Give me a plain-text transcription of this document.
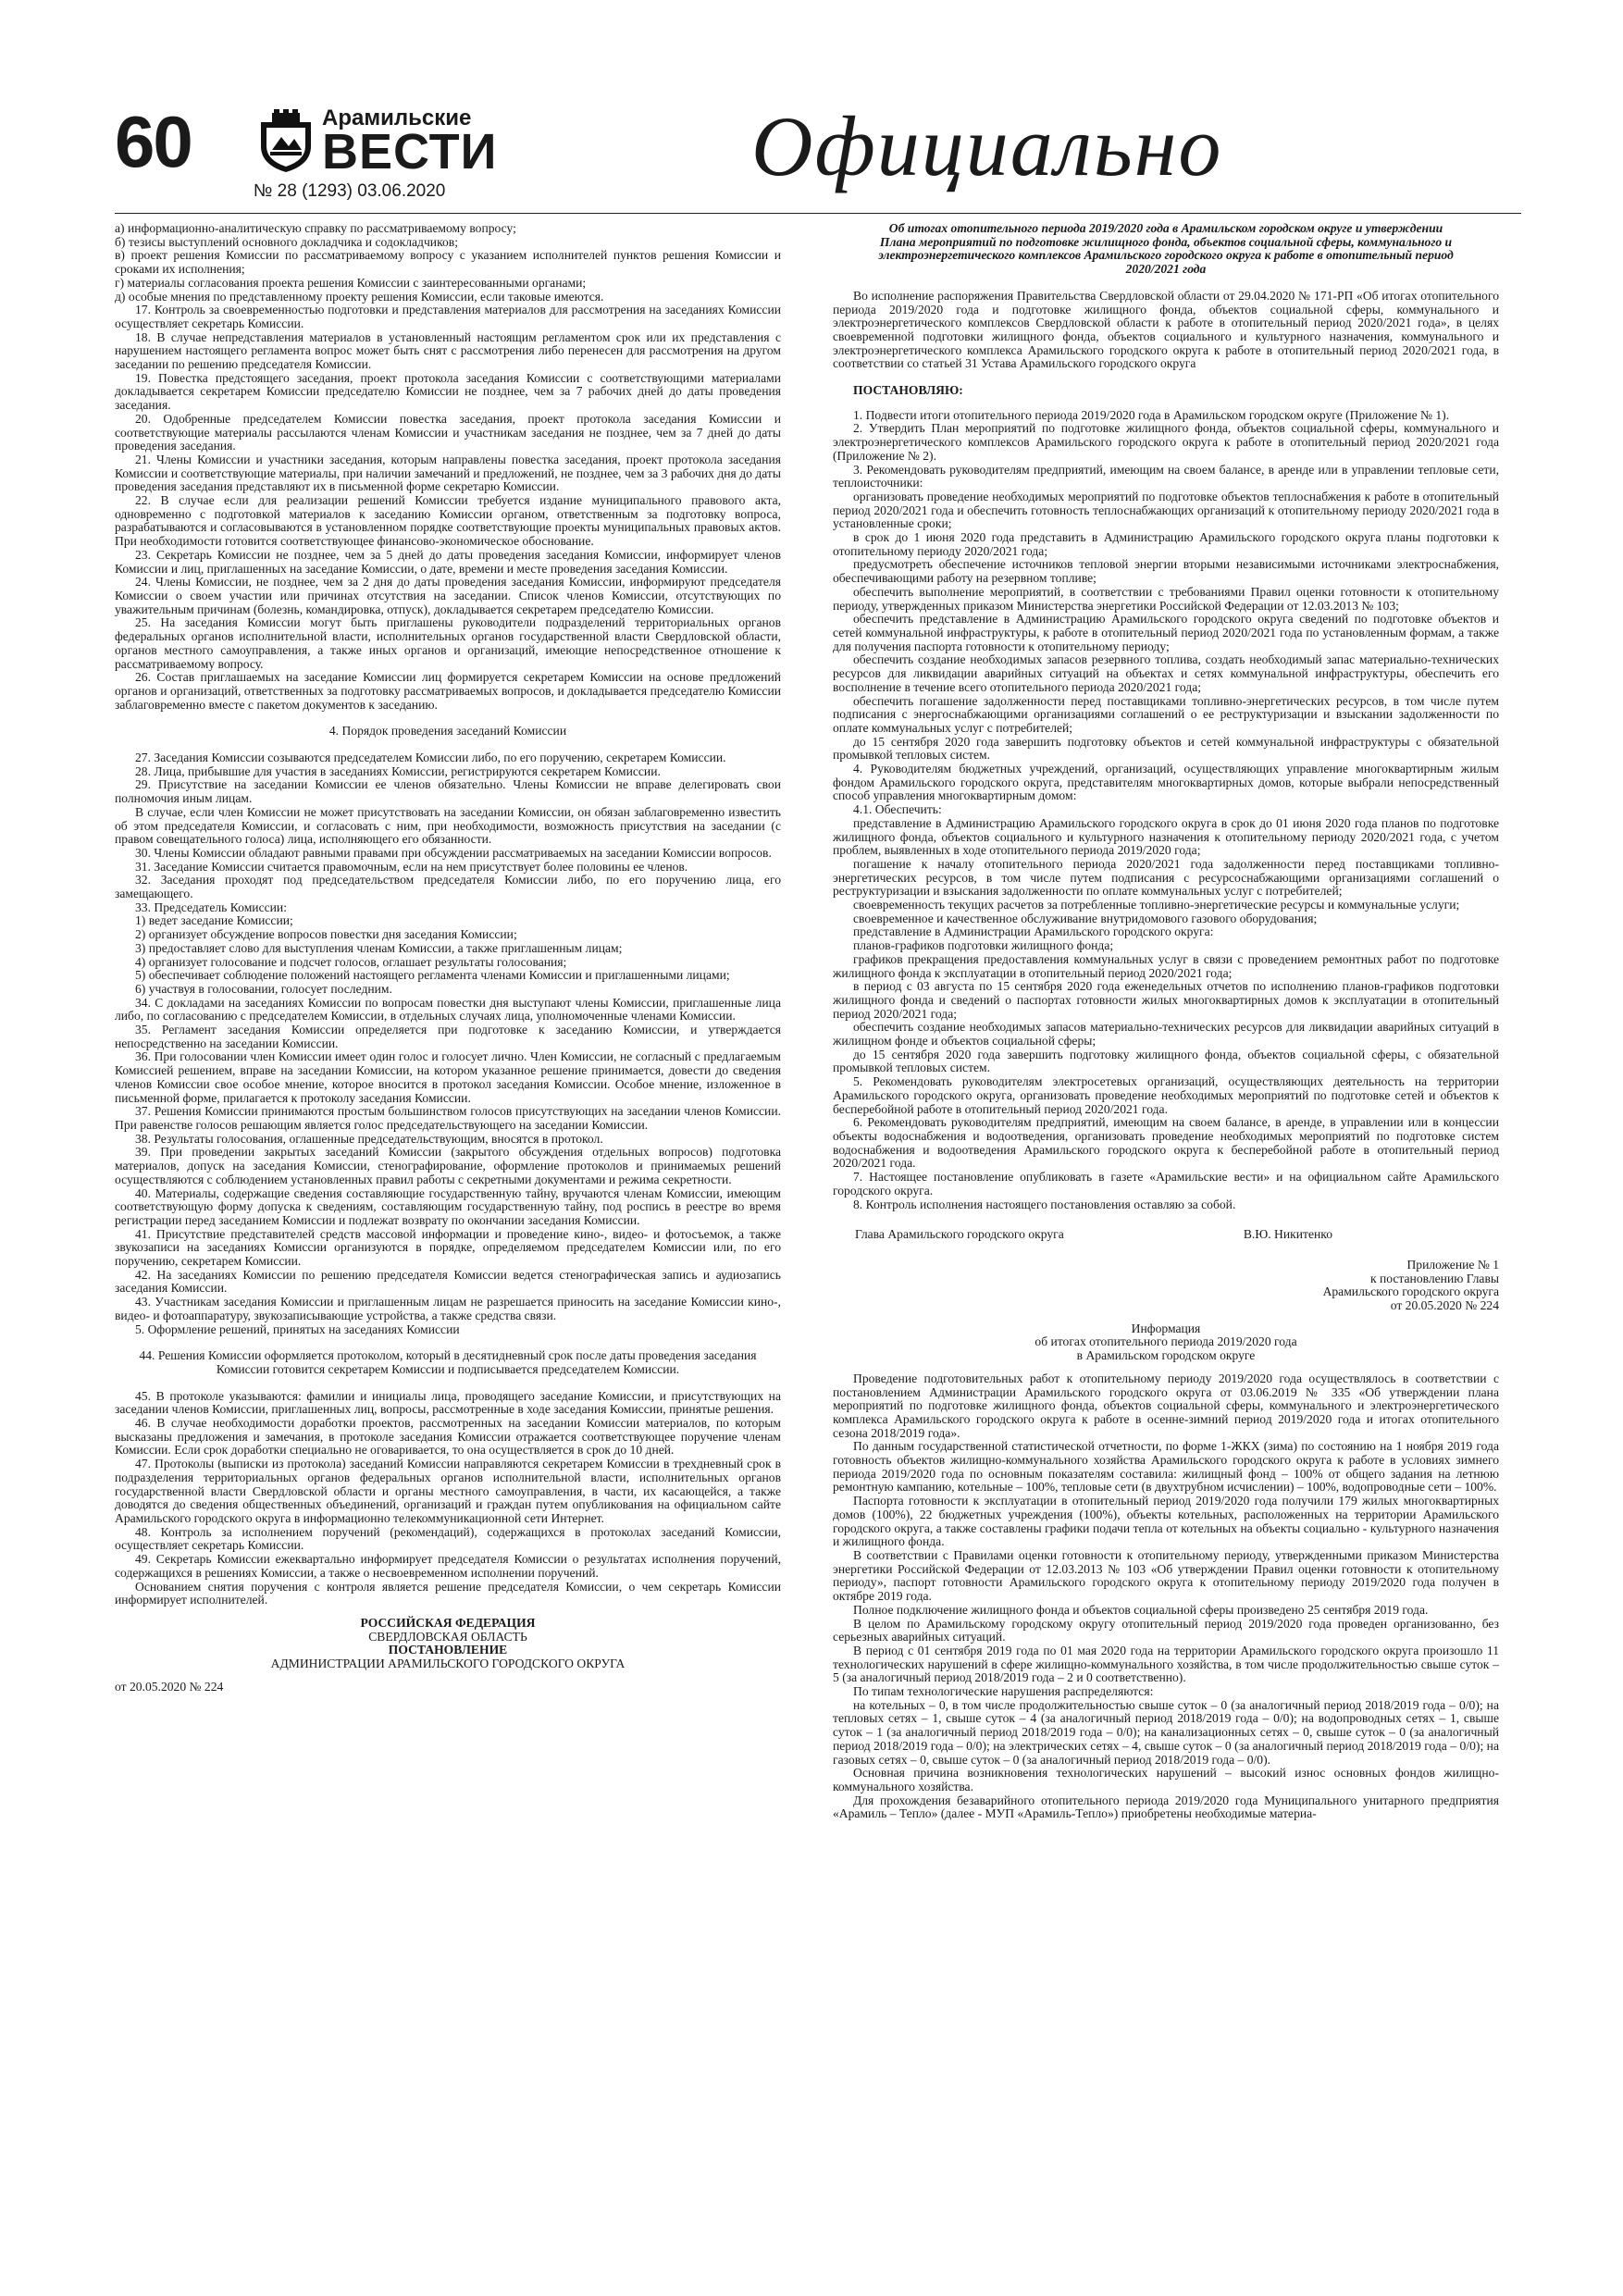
60	Арамильские
ВЕСТИ
№ 28 (1293) 03.06.2020	Официально

а) информационно-аналитическую справку по рассматриваемому вопросу;

б) тезисы выступлений основного докладчика и содокладчиков;

в) проект решения Комиссии по рассматриваемому вопросу с указанием исполнителей пунктов решения Комиссии и сроками их исполнения;

г) материалы согласования проекта решения Комиссии с заинтересованными органами;

д) особые мнения по представленному проекту решения Комиссии, если таковые имеются.

17. Контроль за своевременностью подготовки и представления материалов для рассмотрения на заседаниях Комиссии осуществляет секретарь Комиссии.

18. В случае непредставления материалов в установленный настоящим регламентом срок или их представления с нарушением настоящего регламента вопрос может быть снят с рассмотрения либо перенесен для рассмотрения на другом заседании по решению председателя Комиссии.

19. Повестка предстоящего заседания, проект протокола заседания Комиссии с соответствующими материалами докладывается секретарем Комиссии председателю Комиссии не позднее, чем за 7 рабочих дней до даты проведения заседания.

20. Одобренные председателем Комиссии повестка заседания, проект протокола заседания Комиссии и соответствующие материалы рассылаются членам Комиссии и участникам заседания не позднее, чем за 7 дней до даты проведения заседания.

21. Члены Комиссии и участники заседания, которым направлены повестка заседания, проект протокола заседания Комиссии и соответствующие материалы, при наличии замечаний и предложений, не позднее, чем за 3 рабочих дня до даты проведения заседания представляют их в письменной форме секретарю Комиссии.

22. В случае если для реализации решений Комиссии требуется издание муниципального правового акта, одновременно с подготовкой материалов к заседанию Комиссии органом, ответственным за подготовку вопроса, разрабатываются и согласовываются в установленном порядке соответствующие проекты муниципальных правовых актов. При необходимости готовится соответствующее финансово-экономическое обоснование.

23. Секретарь Комиссии не позднее, чем за 5 дней до даты проведения заседания Комиссии, информирует членов Комиссии и лиц, приглашенных на заседание Комиссии, о дате, времени и месте проведения заседания Комиссии.

24. Члены Комиссии, не позднее, чем за 2 дня до даты проведения заседания Комиссии, информируют председателя Комиссии о своем участии или причинах отсутствия на заседании. Список членов Комиссии, отсутствующих по уважительным причинам (болезнь, командировка, отпуск), докладывается секретарем председателю Комиссии.

25. На заседания Комиссии могут быть приглашены руководители подразделений территориальных органов федеральных органов исполнительной власти, исполнительных органов государственной власти Свердловской области, органов местного самоуправления, а также иных органов и организаций, имеющие непосредственное отношение к рассматриваемому вопросу.

26. Состав приглашаемых на заседание Комиссии лиц формируется секретарем Комиссии на основе предложений органов и организаций, ответственных за подготовку рассматриваемых вопросов, и докладывается председателю Комиссии заблаговременно вместе с пакетом документов к заседанию.

4. Порядок проведения заседаний Комиссии

27. Заседания Комиссии созываются председателем Комиссии либо, по его поручению, секретарем Комиссии.

28. Лица, прибывшие для участия в заседаниях Комиссии, регистрируются секретарем Комиссии.

29. Присутствие на заседании Комиссии ее членов обязательно. Члены Комиссии не вправе делегировать свои полномочия иным лицам.

В случае, если член Комиссии не может присутствовать на заседании Комиссии, он обязан заблаговременно известить об этом председателя Комиссии, и согласовать с ним, при необходимости, возможность присутствия на заседании (с правом совещательного голоса) лица, исполняющего его обязанности.

30. Члены Комиссии обладают равными правами при обсуждении рассматриваемых на заседании Комиссии вопросов.

31. Заседание Комиссии считается правомочным, если на нем присутствует более половины ее членов.

32. Заседания проходят под председательством председателя Комиссии либо, по его поручению лица, его замещающего.

33. Председатель Комиссии:

1) ведет заседание Комиссии;

2) организует обсуждение вопросов повестки дня заседания Комиссии;

3) предоставляет слово для выступления членам Комиссии, а также приглашенным лицам;

4) организует голосование и подсчет голосов, оглашает результаты голосования;

5) обеспечивает соблюдение положений настоящего регламента членами Комиссии и приглашенными лицами;

6) участвуя в голосовании, голосует последним.

34. С докладами на заседаниях Комиссии по вопросам повестки дня выступают члены Комиссии, приглашенные лица либо, по согласованию с председателем Комиссии, в отдельных случаях лица, уполномоченные членами Комиссии.

35. Регламент заседания Комиссии определяется при подготовке к заседанию Комиссии, и утверждается непосредственно на заседании Комиссии.

36. При голосовании член Комиссии имеет один голос и голосует лично. Член Комиссии, не согласный с предлагаемым Комиссией решением, вправе на заседании Комиссии, на котором указанное решение принимается, довести до сведения членов Комиссии свое особое мнение, которое вносится в протокол заседания Комиссии. Особое мнение, изложенное в письменной форме, прилагается к протоколу заседания Комиссии.

37. Решения Комиссии принимаются простым большинством голосов присутствующих на заседании членов Комиссии. При равенстве голосов решающим является голос председательствующего на заседании Комиссии.

38. Результаты голосования, оглашенные председательствующим, вносятся в протокол.

39. При проведении закрытых заседаний Комиссии (закрытого обсуждения отдельных вопросов) подготовка материалов, допуск на заседания Комиссии, стенографирование, оформление протоколов и принимаемых решений осуществляются с соблюдением установленных правил работы с секретными документами и режима секретности.

40. Материалы, содержащие сведения составляющие государственную тайну, вручаются членам Комиссии, имеющим соответствующую форму допуска к сведениям, составляющим государственную тайну, под роспись в реестре во время регистрации перед заседанием Комиссии и подлежат возврату по окончании заседания Комиссии.

41. Присутствие представителей средств массовой информации и проведение кино-, видео- и фотосъемок, а также звукозаписи на заседаниях Комиссии организуются в порядке, определяемом председателем Комиссии или, по его поручению, секретарем Комиссии.

42. На заседаниях Комиссии по решению председателя Комиссии ведется стенографическая запись и аудиозапись заседания Комиссии.

43. Участникам заседания Комиссии и приглашенным лицам не разрешается приносить на заседание Комиссии кино-, видео- и фотоаппаратуру, звукозаписывающие устройства, а также средства связи.

5. Оформление решений, принятых на заседаниях Комиссии

44. Решения Комиссии оформляется протоколом, который в десятидневный срок после даты проведения заседания Комиссии готовится секретарем Комиссии и подписывается председателем Комиссии.

45. В протоколе указываются: фамилии и инициалы лица, проводящего заседание Комиссии, и присутствующих на заседании членов Комиссии, приглашенных лиц, вопросы, рассмотренные в ходе заседания Комиссии, принятые решения.

46. В случае необходимости доработки проектов, рассмотренных на заседании Комиссии материалов, по которым высказаны предложения и замечания, в протоколе заседания Комиссии отражается соответствующее поручение членам Комиссии. Если срок доработки специально не оговаривается, то она осуществляется в срок до 10 дней.

47. Протоколы (выписки из протокола) заседаний Комиссии направляются секретарем Комиссии в трехдневный срок в подразделения территориальных органов федеральных органов исполнительной власти, исполнительных органов государственной власти Свердловской области и органы местного самоуправления, в части, их касающейся, а также доводятся до сведения общественных объединений, организаций и граждан путем опубликования на официальном сайте Арамильского городского округа в информационно телекоммуникационной сети Интернет.

48. Контроль за исполнением поручений (рекомендаций), содержащихся в протоколах заседаний Комиссии, осуществляет секретарь Комиссии.

49. Секретарь Комиссии ежеквартально информирует председателя Комиссии о результатах исполнения поручений, содержащихся в решениях Комиссии, а также о несвоевременном исполнении поручений.

Основанием снятия поручения с контроля является решение председателя Комиссии, о чем секретарь Комиссии информирует исполнителей.

РОССИЙСКАЯ ФЕДЕРАЦИЯ

СВЕРДЛОВСКАЯ ОБЛАСТЬ

ПОСТАНОВЛЕНИЕ

АДМИНИСТРАЦИИ АРАМИЛЬСКОГО ГОРОДСКОГО ОКРУГА

от 20.05.2020 № 224

Об итогах отопительного периода 2019/2020 года в Арамильском городском округе и утверждении Плана мероприятий по подготовке жилищного фонда, объектов социальной сферы, коммунального и электроэнергетического комплексов Арамильского городского округа к работе в отопительный период 2020/2021 года

Во исполнение распоряжения Правительства Свердловской области от 29.04.2020 № 171-РП «Об итогах отопительного периода 2019/2020 года и подготовке жилищного фонда, объектов социальной сферы, коммунального и электроэнергетического комплексов Свердловской области к работе в отопительный период 2020/2021 года», в целях своевременной подготовки жилищного фонда, объектов социального и культурного назначения, коммунального и электроэнергетического комплекса Арамильского городского округа к работе в отопительный период 2020/2021 года, в соответствии со статьей 31 Устава Арамильского городского округа

ПОСТАНОВЛЯЮ:

1. Подвести итоги отопительного периода 2019/2020 года в Арамильском городском округе (Приложение № 1).

2. Утвердить План мероприятий по подготовке жилищного фонда, объектов социальной сферы, коммунального и электроэнергетического комплексов Арамильского городского округа к работе в отопительный период 2020/2021 года (Приложение № 2).

3. Рекомендовать руководителям предприятий, имеющим на своем балансе, в аренде или в управлении тепловые сети, теплоисточники:

организовать проведение необходимых мероприятий по подготовке объектов теплоснабжения к работе в отопительный период 2020/2021 года и обеспечить готовность теплоснабжающих организаций к отопительному периоду 2020/2021 года в установленные сроки;

в срок до 1 июня 2020 года представить в Администрацию Арамильского городского округа планы подготовки к отопительному периоду 2020/2021 года;

предусмотреть обеспечение источников тепловой энергии вторыми независимыми источниками электроснабжения, обеспечивающими работу на резервном топливе;

обеспечить выполнение мероприятий, в соответствии с требованиями Правил оценки готовности к отопительному периоду, утвержденных приказом Министерства энергетики Российской Федерации от 12.03.2013 № 103;

обеспечить представление в Администрацию Арамильского городского округа сведений по подготовке объектов и сетей коммунальной инфраструктуры, к работе в отопительный период 2020/2021 года по установленным формам, а также для получения паспорта готовности к отопительному периоду;

обеспечить создание необходимых запасов резервного топлива, создать необходимый запас материально-технических ресурсов для ликвидации аварийных ситуаций на объектах и сетях коммунальной инфраструктуры, обеспечить его восполнение в течение всего отопительного периода 2020/2021 года;

обеспечить погашение задолженности перед поставщиками топливно-энергетических ресурсов, в том числе путем подписания с энергоснабжающими организациями соглашений о ее реструктуризации и взыскании задолженности по оплате коммунальных услуг с потребителей;

до 15 сентября 2020 года завершить подготовку объектов и сетей коммунальной инфраструктуры с обязательной промывкой тепловых систем.

4. Руководителям бюджетных учреждений, организаций, осуществляющих управление многоквартирным жилым фондом Арамильского городского округа, представителям многоквартирных домов, которые выбрали непосредственный способ управления многоквартирным домом:

4.1. Обеспечить:

представление в Администрацию Арамильского городского округа в срок до 01 июня 2020 года планов по подготовке жилищного фонда, объектов социального и культурного назначения к отопительному периоду 2020/2021 года, с учетом проблем, выявленных в ходе отопительного периода 2019/2020 года;

погашение к началу отопительного периода 2020/2021 года задолженности перед поставщиками топливно-энергетических ресурсов, в том числе путем подписания с ресурсоснабжающими организациями соглашений о реструктуризации и взыскания задолженности по оплате коммунальных услуг с потребителей;

своевременность текущих расчетов за потребленные топливно-энергетические ресурсы и коммунальные услуги;

своевременное и качественное обслуживание внутридомового газового оборудования;

представление в Администрации Арамильского городского округа:

планов-графиков подготовки жилищного фонда;

графиков прекращения предоставления коммунальных услуг в связи с проведением ремонтных работ по подготовке жилищного фонда к эксплуатации в отопительный период 2020/2021 года;

в период с 03 августа по 15 сентября 2020 года еженедельных отчетов по исполнению планов-графиков подготовки жилищного фонда и сведений о паспортах готовности жилых многоквартирных домов к эксплуатации в отопительный период 2020/2021 года;

обеспечить создание необходимых запасов материально-технических ресурсов для ликвидации аварийных ситуаций в жилищном фонде и объектов социальной сферы;

до 15 сентября 2020 года завершить подготовку жилищного фонда, объектов социальной сферы, с обязательной промывкой тепловых систем.

5. Рекомендовать руководителям электросетевых организаций, осуществляющих деятельность на территории Арамильского городского округа, организовать проведение необходимых мероприятий по подготовке сетей и объектов к бесперебойной работе в отопительный период 2020/2021 года.

6. Рекомендовать руководителям предприятий, имеющим на своем балансе, в аренде, в управлении или в концессии объекты водоснабжения и водоотведения, организовать проведение необходимых мероприятий по подготовке систем водоснабжения и водоотведения Арамильского городского округа к бесперебойной работе в отопительный период 2020/2021 года.

7. Настоящее постановление опубликовать в газете «Арамильские вести» и на официальном сайте Арамильского городского округа.

8. Контроль исполнения настоящего постановления оставляю за собой.

Глава Арамильского городского округа	В.Ю. Никитенко

Приложение № 1

к постановлению Главы

Арамильского городского округа

от 20.05.2020 № 224

Информация

об итогах отопительного периода 2019/2020 года

в Арамильском городском округе

Проведение подготовительных работ к отопительному периоду 2019/2020 года осуществлялось в соответствии с постановлением Администрации Арамильского городского округа от 03.06.2019 № 335 «Об утверждении плана мероприятий по подготовке жилищного фонда, объектов социальной сферы, коммунального и электроэнергетического комплекса Арамильского городского округа к работе в осенне-зимний период 2019/2020 года и итогах отопительного сезона 2018/2019 года».

По данным государственной статистической отчетности, по форме 1-ЖКХ (зима) по состоянию на 1 ноября 2019 года готовность объектов жилищно-коммунального хозяйства Арамильского городского округа к работе в условиях зимнего периода 2019/2020 года по основным показателям составила: жилищный фонд – 100% от общего задания на летнюю ремонтную кампанию, котельные – 100%, тепловые сети (в двухтрубном исчислении) – 100%, водопроводные сети – 100%.

Паспорта готовности к эксплуатации в отопительный период 2019/2020 года получили 179 жилых многоквартирных домов (100%), 22 бюджетных учреждения (100%), объекты котельных, расположенных на территории Арамильского городского округа, а также составлены графики подачи тепла от котельных на объекты социально - культурного назначения и жилищного фонда.

В соответствии с Правилами оценки готовности к отопительному периоду, утвержденными приказом Министерства энергетики Российской Федерации от 12.03.2013 № 103 «Об утверждении Правил оценки готовности к отопительному периоду», паспорт готовности Арамильского городского округа к отопительному периоду 2019/2020 года получен в октябре 2019 года.

Полное подключение жилищного фонда и объектов социальной сферы произведено 25 сентября 2019 года.

В целом по Арамильскому городскому округу отопительный период 2019/2020 года проведен организованно, без серьезных аварийных ситуаций.

В период с 01 сентября 2019 года по 01 мая 2020 года на территории Арамильского городского округа произошло 11 технологических нарушений в сфере жилищно-коммунального хозяйства, в том числе продолжительностью свыше суток – 5 (за аналогичный период 2018/2019 года – 2 и 0 соответственно).

По типам технологические нарушения распределяются:

на котельных – 0, в том числе продолжительностью свыше суток – 0 (за аналогичный период 2018/2019 года – 0/0); на тепловых сетях – 1, свыше суток – 4 (за аналогичный период 2018/2019 года – 0/0); на водопроводных сетях – 1, свыше суток – 1 (за аналогичный период 2018/2019 года – 0/0); на канализационных сетях – 0, свыше суток – 0 (за аналогичный период 2018/2019 года – 0/0); на электрических сетях – 4, свыше суток – 0 (за аналогичный период 2018/2019 года – 0/0); на газовых сетях – 0, свыше суток – 0 (за аналогичный период 2018/2019 года – 0/0).

Основная причина возникновения технологических нарушений – высокий износ основных фондов жилищно-коммунального хозяйства.

Для прохождения безаварийного отопительного периода 2019/2020 года Муниципального унитарного предприятия «Арамиль – Тепло» (далее - МУП «Арамиль-Тепло») приобретены необходимые материа-
